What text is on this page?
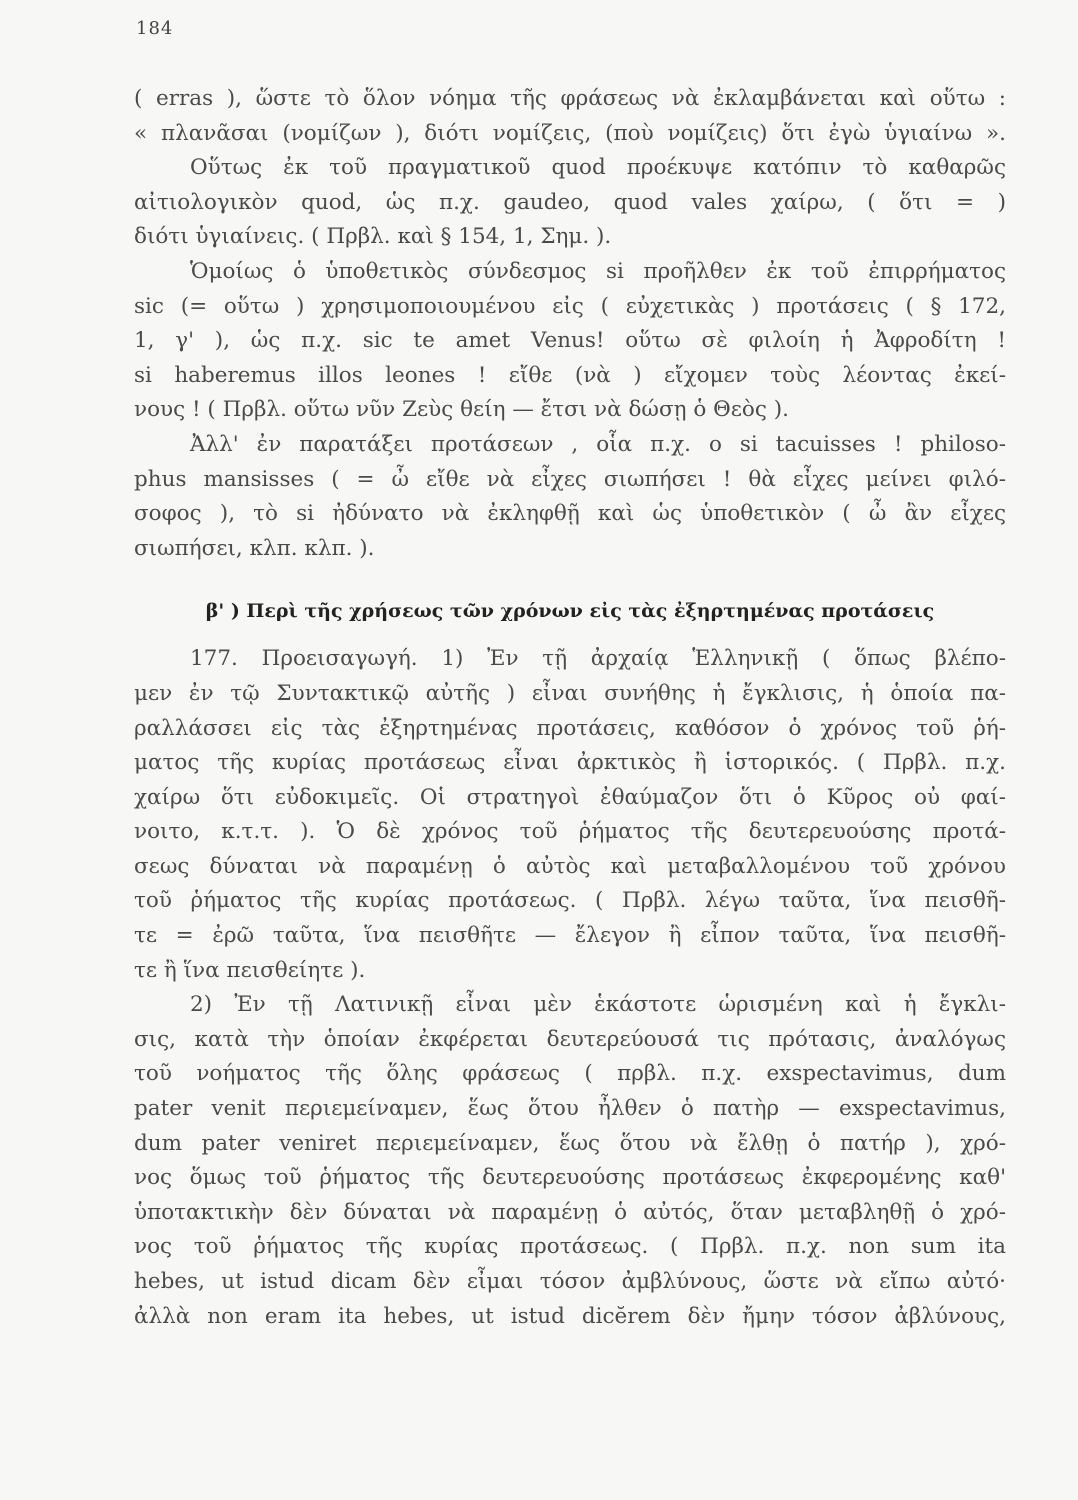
184
( erras ), ὥστε τὸ ὅλον νόημα τῆς φράσεως νὰ ἐκλαμβάνεται καὶ οὕτω :
« πλανᾶσαι (νομίζων ), διότι νομίζεις, (ποὺ νομίζεις) ὅτι ἐγὼ ὑγιαίνω ».
Οὕτως ἐκ τοῦ πραγματικοῦ quod προέκυψε κατόπιν τὸ καθαρῶς
αἰτιολογικὸν quod, ὡς π.χ. gaudeo, quod vales χαίρω, ( ὅτι = )
διότι ὑγιαίνεις. ( Πρβλ. καὶ § 154, 1, Σημ. ).
Ὁμοίως ὁ ὑποθετικὸς σύνδεσμος si προῆλθεν ἐκ τοῦ ἐπιρρήματος
sic (= οὕτω ) χρησιμοποιουμένου εἰς ( εὐχετικὰς ) προτάσεις ( § 172,
1, γ' ), ὡς π.χ. sic te amet Venus! οὕτω σὲ φιλοίη ἡ Ἀφροδίτη !
si haberemus illos leones ! εἴθε (νὰ ) εἴχομεν τοὺς λέοντας ἐκεί-
νους ! ( Πρβλ. οὕτω νῦν Ζεὺς θείη — ἔτσι νὰ δώσῃ ὁ Θεὸς ).
Ἀλλ' ἐν παρατάξει προτάσεων , οἷα π.χ. o si tacuisses ! philoso-
phus mansisses ( = ὦ εἴθε νὰ εἶχες σιωπήσει ! θὰ εἶχες μείνει φιλό-
σοφος ), τὸ si ἠδύνατο νὰ ἐκληφθῇ καὶ ὡς ὑποθετικὸν ( ὦ ἂν εἶχες
σιωπήσει, κλπ. κλπ. ).
β' ) Περὶ τῆς χρήσεως τῶν χρόνων εἰς τὰς ἐξηρτημένας προτάσεις
177. Προεισαγωγή. 1) Ἐν τῇ ἀρχαίᾳ Ἑλληνικῇ ( ὅπως βλέπο-
μεν ἐν τῷ Συντακτικῷ αὐτῆς ) εἶναι συνήθης ἡ ἔγκλισις, ἡ ὁποία πα-
ραλλάσσει εἰς τὰς ἐξηρτημένας προτάσεις, καθόσον ὁ χρόνος τοῦ ῥή-
ματος τῆς κυρίας προτάσεως εἶναι ἀρκτικὸς ἢ ἱστορικός. ( Πρβλ. π.χ.
χαίρω ὅτι εὐδοκιμεῖς. Οἱ στρατηγοὶ ἐθαύμαζον ὅτι ὁ Κῦρος οὐ φαί-
νοιτο, κ.τ.τ. ). Ὁ δὲ χρόνος τοῦ ῥήματος τῆς δευτερευούσης προτά-
σεως δύναται νὰ παραμένῃ ὁ αὐτὸς καὶ μεταβαλλομένου τοῦ χρόνου
τοῦ ῥήματος τῆς κυρίας προτάσεως. ( Πρβλ. λέγω ταῦτα, ἵνα πεισθῆ-
τε = ἐρῶ ταῦτα, ἵνα πεισθῆτε — ἔλεγον ἢ εἶπον ταῦτα, ἵνα πεισθῆ-
τε ἢ ἵνα πεισθείητε ).
2) Ἐν τῇ Λατινικῇ εἶναι μὲν ἑκάστοτε ὡρισμένη καὶ ἡ ἔγκλι-
σις, κατὰ τὴν ὁποίαν ἐκφέρεται δευτερεύουσά τις πρότασις, ἀναλόγως
τοῦ νοήματος τῆς ὅλης φράσεως ( πρβλ. π.χ. exspectavimus, dum
pater venit περιεμείναμεν, ἕως ὅτου ἦλθεν ὁ πατὴρ — exspectavimus,
dum pater veniret περιεμείναμεν, ἕως ὅτου νὰ ἔλθῃ ὁ πατήρ ), χρό-
νος ὅμως τοῦ ῥήματος τῆς δευτερευούσης προτάσεως ἐκφερομένης καθ'
ὑποτακτικὴν δὲν δύναται νὰ παραμένῃ ὁ αὐτός, ὅταν μεταβληθῇ ὁ χρό-
νος τοῦ ῥήματος τῆς κυρίας προτάσεως. ( Πρβλ. π.χ. non sum ita
hebes, ut istud dicam δὲν εἶμαι τόσον ἀμβλύνους, ὥστε νὰ εἴπω αὐτό·
ἀλλὰ non eram ita hebes, ut istud dicĕrem δὲν ἤμην τόσον ἀβλύνους,
